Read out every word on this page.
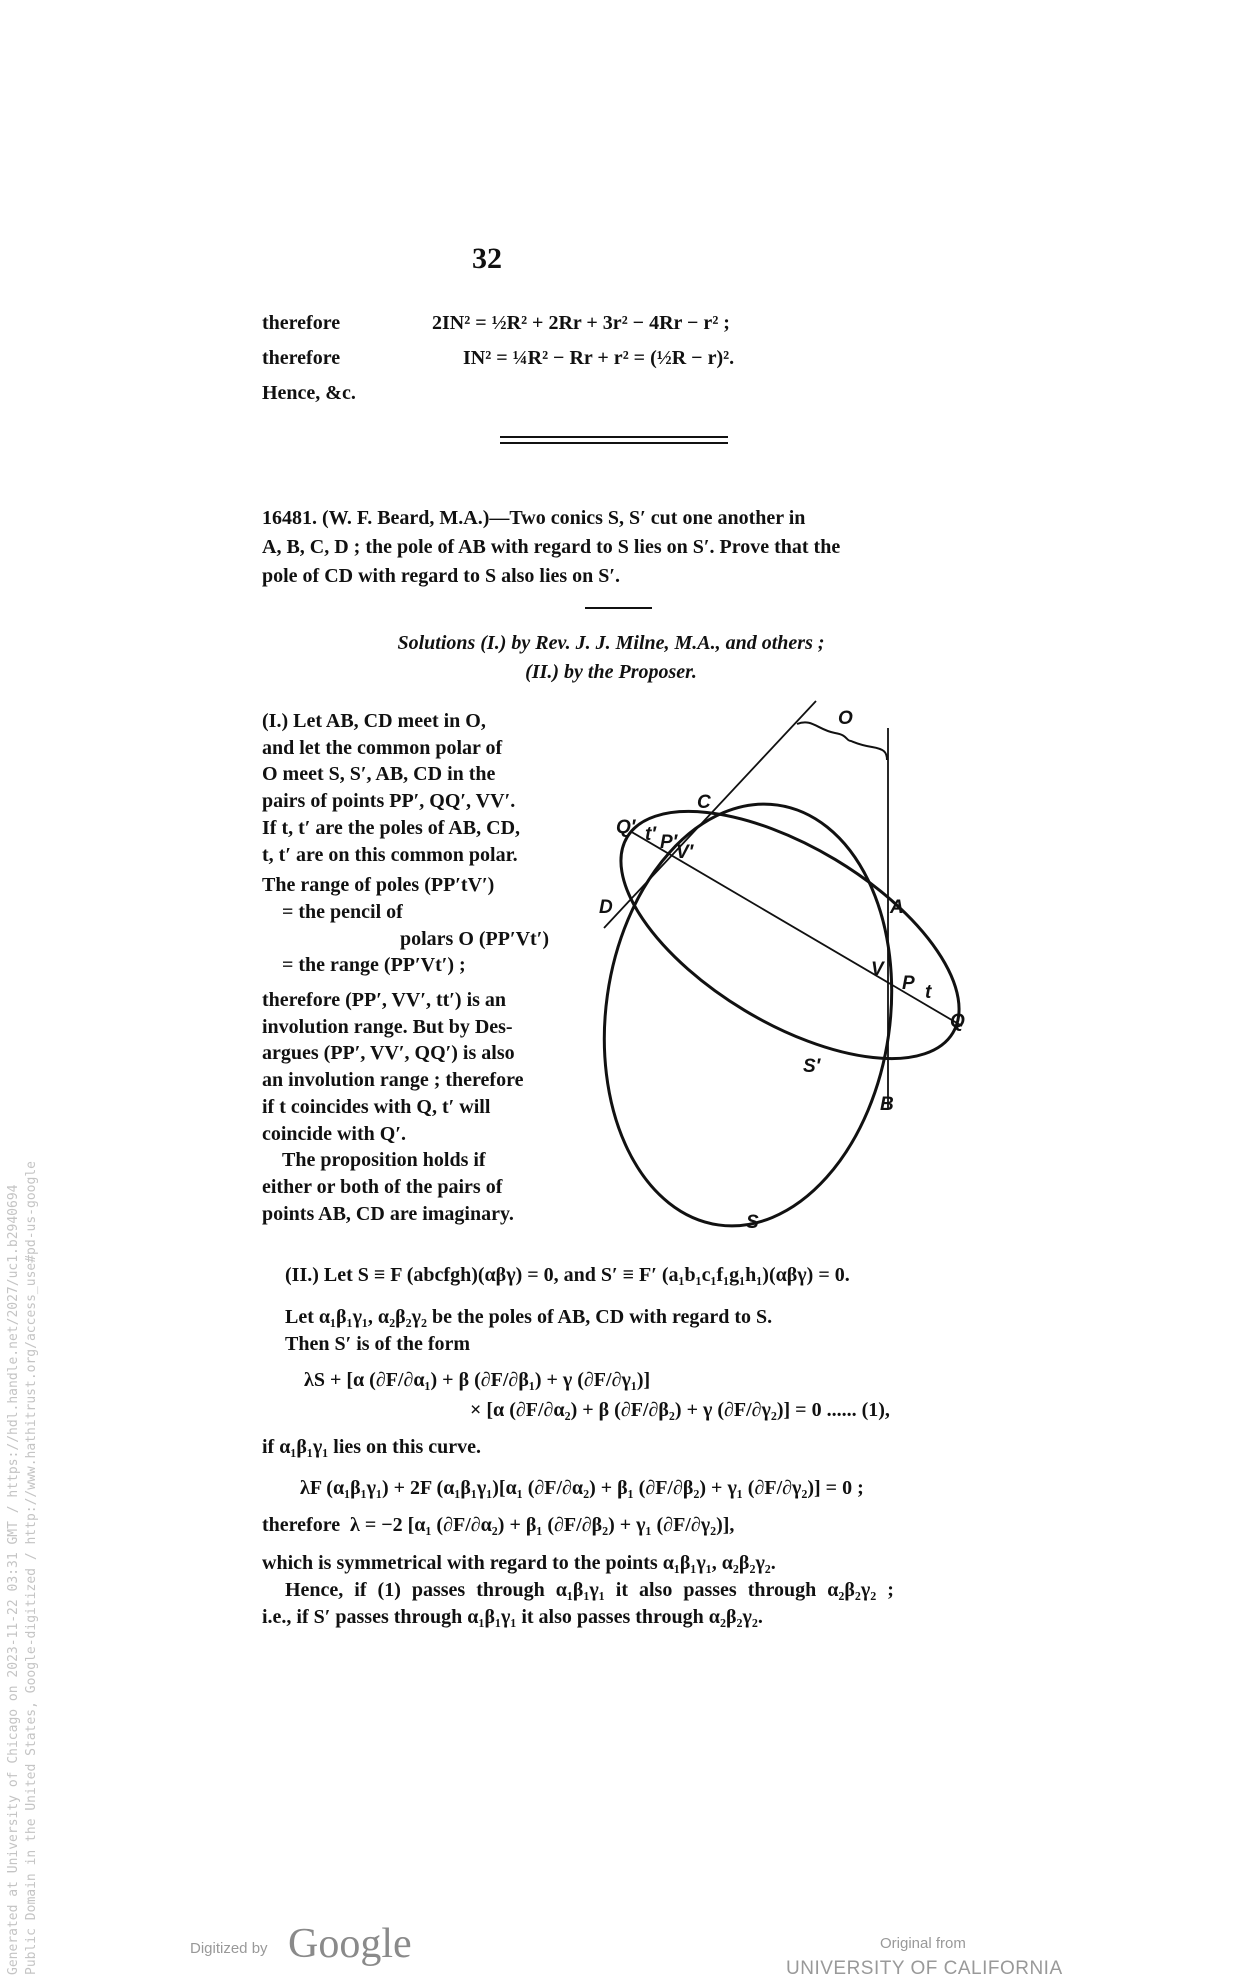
32
therefore	2IN² = ½R² + 2Rr + 3r² − 4Rr − r² ;
therefore	IN² = ¼R² − Rr + r² = (½R − r)².
Hence, &c.
16481. (W. F. Beard, M.A.)—Two conics S, S′ cut one another in
A, B, C, D ; the pole of AB with regard to S lies on S′. Prove that the
pole of CD with regard to S also lies on S′.
Solutions (I.) by Rev. J. J. Milne, M.A., and others ;
(II.) by the Proposer.
(I.) Let AB, CD meet in O,
and let the common polar of
O meet S, S′, AB, CD in the
pairs of points PP′, QQ′, VV′.
If t, t′ are the poles of AB, CD,
t, t′ are on this common polar.
The range of poles (PP′tV′)
= the pencil of
polars O (PP′Vt′)
= the range (PP′Vt′) ;
therefore (PP′, VV′, tt′) is an
involution range. But by Des-
argues (PP′, VV′, QQ′) is also
an involution range ; therefore
if t coincides with Q, t′ will
coincide with Q′.
The proposition holds if
either or both of the pairs of
points AB, CD are imaginary.
O
C
Q′ t′ P′
V′
D	A
V
P t
Q
S′
B
S
(II.) Let S ≡ F (abcfgh)(αβγ) = 0, and S′ ≡ F′ (a₁b₁c₁f₁g₁h₁)(αβγ) = 0.
Let α₁β₁γ₁, α₂β₂γ₂ be the poles of AB, CD with regard to S.
Then S′ is of the form
λS + [α (∂F/∂α₁) + β (∂F/∂β₁) + γ (∂F/∂γ₁)]
× [α (∂F/∂α₂) + β (∂F/∂β₂) + γ (∂F/∂γ₂)] = 0 ...... (1),
if α₁β₁γ₁ lies on this curve.
λF (α₁β₁γ₁) + 2F (α₁β₁γ₁)[α₁ (∂F/∂α₂) + β₁ (∂F/∂β₂) + γ₁ (∂F/∂γ₂)] = 0 ;
therefore λ = −2 [α₁ (∂F/∂α₂) + β₁ (∂F/∂β₂) + γ₁ (∂F/∂γ₂)],
which is symmetrical with regard to the points α₁β₁γ₁, α₂β₂γ₂.
Hence, if (1) passes through α₁β₁γ₁ it also passes through α₂β₂γ₂ ;
i.e., if S′ passes through α₁β₁γ₁ it also passes through α₂β₂γ₂.
Generated at University of Chicago on 2023-11-22 03:31 GMT / https://hdl.handle.net/2027/uc1.b2940694 Public Domain in the United States, Google-digitized / http://www.hathitrust.org/access_use#pd-us-google	Digitized by Google	Original from
UNIVERSITY OF CALIFORNIA
